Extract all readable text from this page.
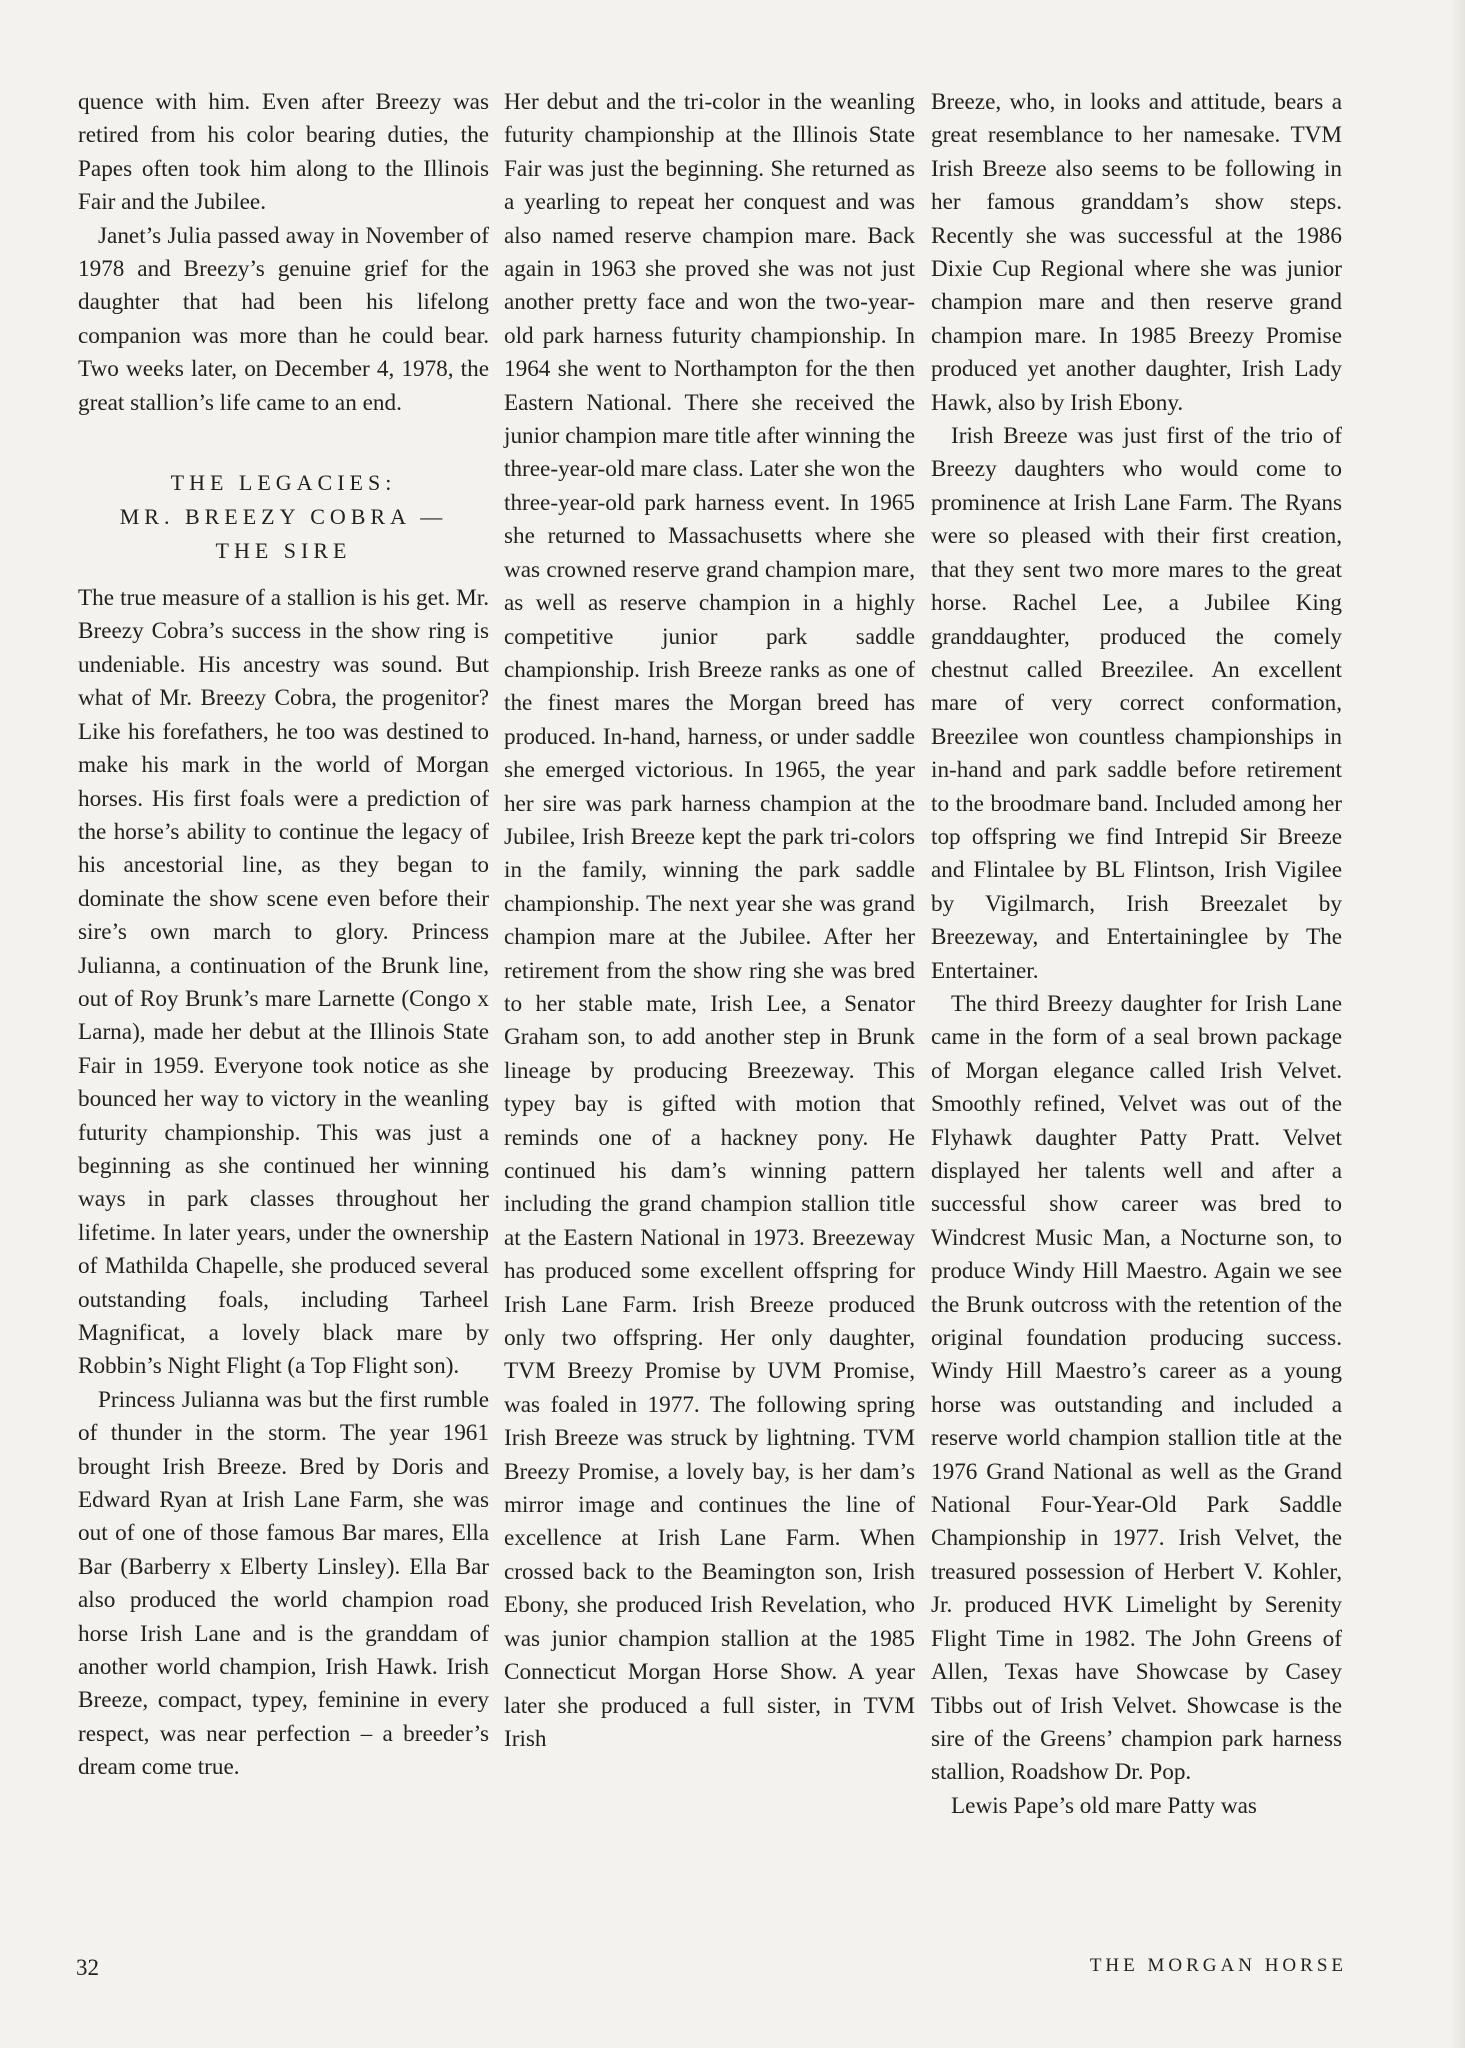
quence with him. Even after Breezy was retired from his color bearing duties, the Papes often took him along to the Illinois Fair and the Jubilee.

Janet’s Julia passed away in November of 1978 and Breezy’s genuine grief for the daughter that had been his lifelong companion was more than he could bear. Two weeks later, on December 4, 1978, the great stallion’s life came to an end.

THE LEGACIES:
MR. BREEZY COBRA —
THE SIRE

The true measure of a stallion is his get. Mr. Breezy Cobra’s success in the show ring is undeniable. His ancestry was sound. But what of Mr. Breezy Cobra, the progenitor? Like his forefathers, he too was destined to make his mark in the world of Morgan horses. His first foals were a prediction of the horse’s ability to continue the legacy of his ancestorial line, as they began to dominate the show scene even before their sire’s own march to glory. Princess Julianna, a continuation of the Brunk line, out of Roy Brunk’s mare Larnette (Congo x Larna), made her debut at the Illinois State Fair in 1959. Everyone took notice as she bounced her way to victory in the weanling futurity championship. This was just a beginning as she continued her winning ways in park classes throughout her lifetime. In later years, under the ownership of Mathilda Chapelle, she produced several outstanding foals, including Tarheel Magnificat, a lovely black mare by Robbin’s Night Flight (a Top Flight son).

Princess Julianna was but the first rumble of thunder in the storm. The year 1961 brought Irish Breeze. Bred by Doris and Edward Ryan at Irish Lane Farm, she was out of one of those famous Bar mares, Ella Bar (Barberry x Elberty Linsley). Ella Bar also produced the world champion road horse Irish Lane and is the granddam of another world champion, Irish Hawk. Irish Breeze, compact, typey, feminine in every respect, was near perfection – a breeder’s dream come true.

Her debut and the tri-color in the weanling futurity championship at the Illinois State Fair was just the beginning. She returned as a yearling to repeat her conquest and was also named reserve champion mare. Back again in 1963 she proved she was not just another pretty face and won the two-year-old park harness futurity championship. In 1964 she went to Northampton for the then Eastern National. There she received the junior champion mare title after winning the three-year-old mare class. Later she won the three-year-old park harness event. In 1965 she returned to Massachusetts where she was crowned reserve grand champion mare, as well as reserve champion in a highly competitive junior park saddle championship. Irish Breeze ranks as one of the finest mares the Morgan breed has produced. In-hand, harness, or under saddle she emerged victorious. In 1965, the year her sire was park harness champion at the Jubilee, Irish Breeze kept the park tri-colors in the family, winning the park saddle championship. The next year she was grand champion mare at the Jubilee. After her retirement from the show ring she was bred to her stable mate, Irish Lee, a Senator Graham son, to add another step in Brunk lineage by producing Breezeway. This typey bay is gifted with motion that reminds one of a hackney pony. He continued his dam’s winning pattern including the grand champion stallion title at the Eastern National in 1973. Breezeway has produced some excellent offspring for Irish Lane Farm. Irish Breeze produced only two offspring. Her only daughter, TVM Breezy Promise by UVM Promise, was foaled in 1977. The following spring Irish Breeze was struck by lightning. TVM Breezy Promise, a lovely bay, is her dam’s mirror image and continues the line of excellence at Irish Lane Farm. When crossed back to the Beamington son, Irish Ebony, she produced Irish Revelation, who was junior champion stallion at the 1985 Connecticut Morgan Horse Show. A year later she produced a full sister, in TVM Irish

Breeze, who, in looks and attitude, bears a great resemblance to her namesake. TVM Irish Breeze also seems to be following in her famous granddam’s show steps. Recently she was successful at the 1986 Dixie Cup Regional where she was junior champion mare and then reserve grand champion mare. In 1985 Breezy Promise produced yet another daughter, Irish Lady Hawk, also by Irish Ebony.

Irish Breeze was just first of the trio of Breezy daughters who would come to prominence at Irish Lane Farm. The Ryans were so pleased with their first creation, that they sent two more mares to the great horse. Rachel Lee, a Jubilee King granddaughter, produced the comely chestnut called Breezilee. An excellent mare of very correct conformation, Breezilee won countless championships in in-hand and park saddle before retirement to the broodmare band. Included among her top offspring we find Intrepid Sir Breeze and Flintalee by BL Flintson, Irish Vigilee by Vigilmarch, Irish Breezalet by Breezeway, and Entertaininglee by The Entertainer.

The third Breezy daughter for Irish Lane came in the form of a seal brown package of Morgan elegance called Irish Velvet. Smoothly refined, Velvet was out of the Flyhawk daughter Patty Pratt. Velvet displayed her talents well and after a successful show career was bred to Windcrest Music Man, a Nocturne son, to produce Windy Hill Maestro. Again we see the Brunk outcross with the retention of the original foundation producing success. Windy Hill Maestro’s career as a young horse was outstanding and included a reserve world champion stallion title at the 1976 Grand National as well as the Grand National Four-Year-Old Park Saddle Championship in 1977. Irish Velvet, the treasured possession of Herbert V. Kohler, Jr. produced HVK Limelight by Serenity Flight Time in 1982. The John Greens of Allen, Texas have Showcase by Casey Tibbs out of Irish Velvet. Showcase is the sire of the Greens’ champion park harness stallion, Roadshow Dr. Pop.

Lewis Pape’s old mare Patty was

32	THE MORGAN HORSE
